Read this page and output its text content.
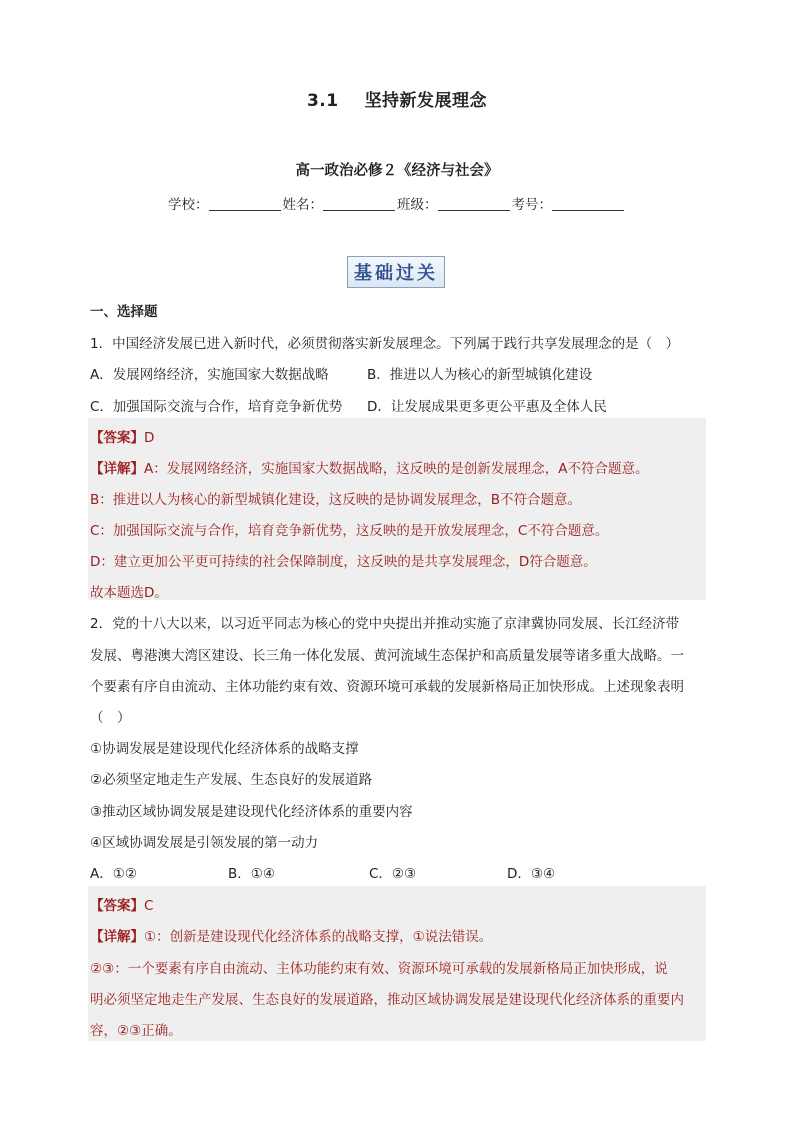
3.1 坚持新发展理念
高一政治必修２《经济与社会》
学校：	姓名：	班级：	考号：
基础过关
一、选择题
1．中国经济发展已进入新时代，必须贯彻落实新发展理念。下列属于践行共享发展理念的是（　）
A．发展网络经济，实施国家大数据战略	B．推进以人为核心的新型城镇化建设
C．加强国际交流与合作，培育竞争新优势 D．让发展成果更多更公平惠及全体人民
【答案】D
【详解】A：发展网络经济，实施国家大数据战略，这反映的是创新发展理念，A不符合题意。
B：推进以人为核心的新型城镇化建设，这反映的是协调发展理念，B不符合题意。
C：加强国际交流与合作，培育竞争新优势，这反映的是开放发展理念，C不符合题意。
D：建立更加公平更可持续的社会保障制度，这反映的是共享发展理念，D符合题意。
故本题选D。
2．党的十八大以来，以习近平同志为核心的党中央提出并推动实施了京津冀协同发展、长江经济带
发展、粤港澳大湾区建设、长三角一体化发展、黄河流域生态保护和高质量发展等诸多重大战略。一
个要素有序自由流动、主体功能约束有效、资源环境可承载的发展新格局正加快形成。上述现象表明
（　）
①协调发展是建设现代化经济体系的战略支撑
②必须坚定地走生产发展、生态良好的发展道路
③推动区域协调发展是建设现代化经济体系的重要内容
④区域协调发展是引领发展的第一动力
A．①②	B．①④	C．②③	D．③④
【答案】C
【详解】①：创新是建设现代化经济体系的战略支撑，①说法错误。
②③：一个要素有序自由流动、主体功能约束有效、资源环境可承载的发展新格局正加快形成，说
明必须坚定地走生产发展、生态良好的发展道路，推动区域协调发展是建设现代化经济体系的重要内
容，②③正确。
